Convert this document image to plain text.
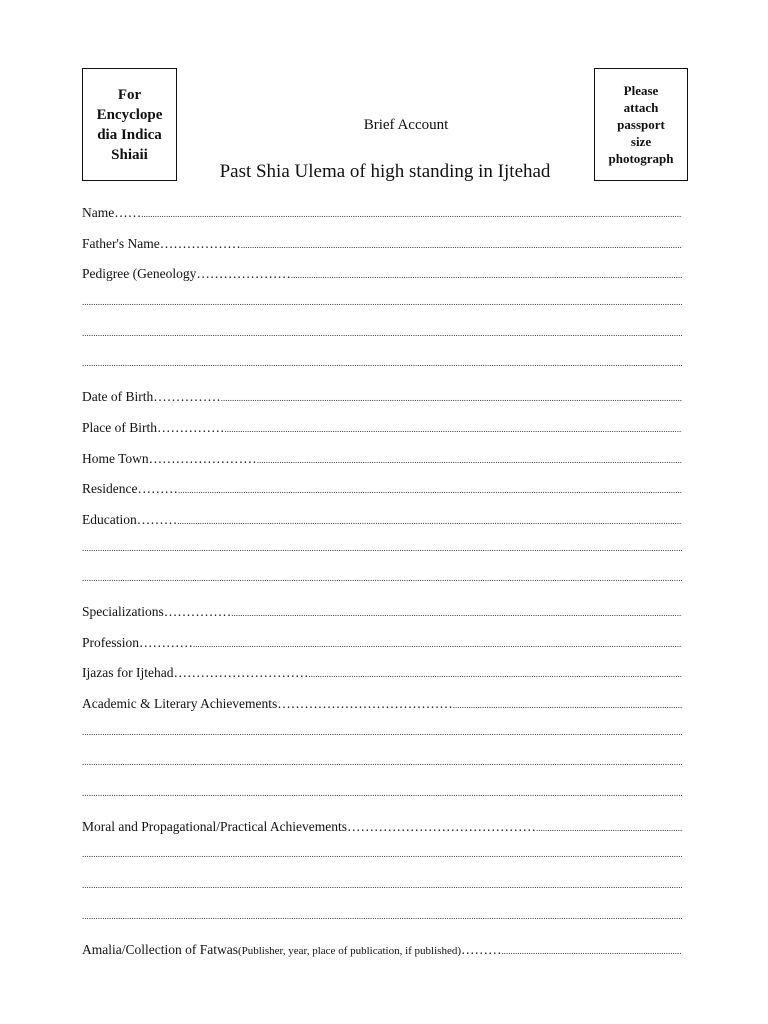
For
Encyclope
dia Indica
Shiaii
Please
attach
passport
size
photograph
Brief Account
Past Shia Ulema of high standing in Ijtehad
Name……
.....
Father's Name………………
.....
Pedigree (Geneology…………………
.....
.....
.....
.....
Date of Birth……………
.....
Place of Birth……………
.....
Home Town……………………
.....
Residence………
.....
Education………
.....
.....
.....
Specializations……………
.....
Profession…………
.....
Ijazas for Ijtehad…………………………
.....
Academic & Literary Achievements…………………………………
.....
.....
.....
.....
Moral and Propagational/Practical Achievements……………………………………
.....
.....
.....
.....
Amalia/Collection of Fatwas (Publisher, year, place of publication, if published) ………
.....
